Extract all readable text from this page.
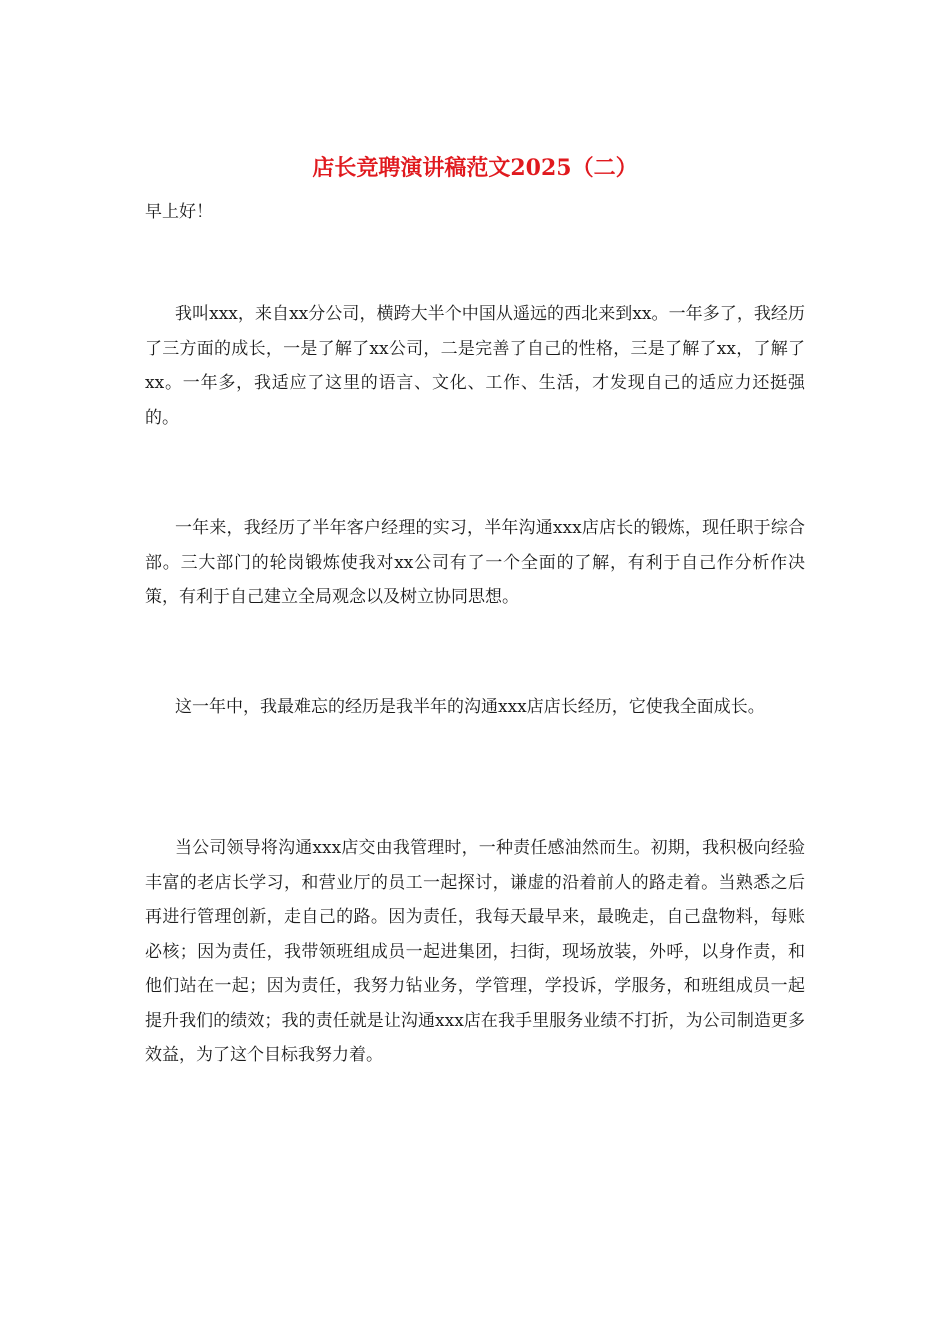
店长竞聘演讲稿范文2025（二）

早上好！

我叫xxx，来自xx分公司，横跨大半个中国从遥远的西北来到xx。一年多了，我经历了三方面的成长，一是了解了xx公司，二是完善了自己的性格，三是了解了xx，了解了xx。一年多，我适应了这里的语言、文化、工作、生活，才发现自己的适应力还挺强的。

一年来，我经历了半年客户经理的实习，半年沟通xxx店店长的锻炼，现任职于综合部。三大部门的轮岗锻炼使我对xx公司有了一个全面的了解，有利于自己作分析作决策，有利于自己建立全局观念以及树立协同思想。

这一年中，我最难忘的经历是我半年的沟通xxx店店长经历，它使我全面成长。

当公司领导将沟通xxx店交由我管理时，一种责任感油然而生。初期，我积极向经验丰富的老店长学习，和营业厅的员工一起探讨，谦虚的沿着前人的路走着。当熟悉之后再进行管理创新，走自己的路。因为责任，我每天最早来，最晚走，自己盘物料，每账必核；因为责任，我带领班组成员一起进集团，扫街，现场放装，外呼，以身作责，和他们站在一起；因为责任，我努力钻业务，学管理，学投诉，学服务，和班组成员一起提升我们的绩效；我的责任就是让沟通xxx店在我手里服务业绩不打折，为公司制造更多效益，为了这个目标我努力着。
